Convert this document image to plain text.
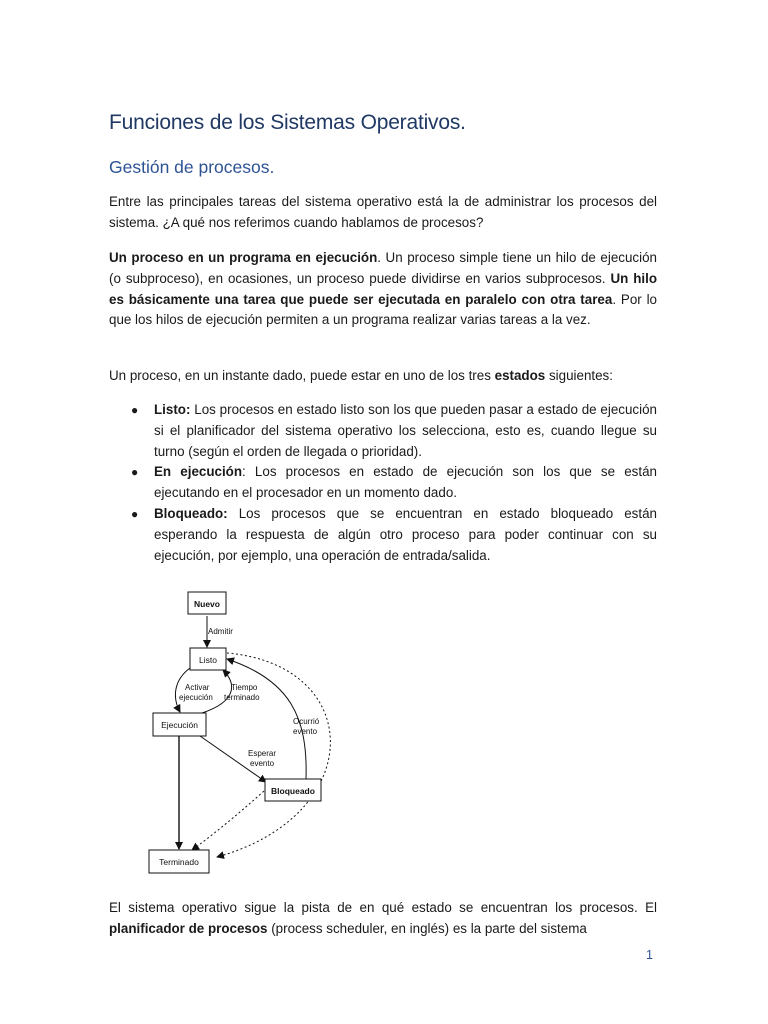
Funciones de los Sistemas Operativos.
Gestión de procesos.

Entre las principales tareas del sistema operativo está la de administrar los procesos del sistema. ¿A qué nos referimos cuando hablamos de procesos?

Un proceso en un programa en ejecución. Un proceso simple tiene un hilo de ejecución (o subproceso), en ocasiones, un proceso puede dividirse en varios subprocesos. Un hilo es básicamente una tarea que puede ser ejecutada en paralelo con otra tarea. Por lo que los hilos de ejecución permiten a un programa realizar varias tareas a la vez.

Un proceso, en un instante dado, puede estar en uno de los tres estados siguientes:

● Listo: Los procesos en estado listo son los que pueden pasar a estado de ejecución si el planificador del sistema operativo los selecciona, esto es, cuando llegue su turno (según el orden de llegada o prioridad).
● En ejecución: Los procesos en estado de ejecución son los que se están ejecutando en el procesador en un momento dado.
● Bloqueado: Los procesos que se encuentran en estado bloqueado están esperando la respuesta de algún otro proceso para poder continuar con su ejecución, por ejemplo, una operación de entrada/salida.
Nuevo
Listo
Ejecución
Bloqueado
Terminado
Admitir
Activar
ejecución
Tiempo
terminado
Esperar
evento
Ocurrió
evento

El sistema operativo sigue la pista de en qué estado se encuentran los procesos. El planificador de procesos (process scheduler, en inglés) es la parte del sistema

1
